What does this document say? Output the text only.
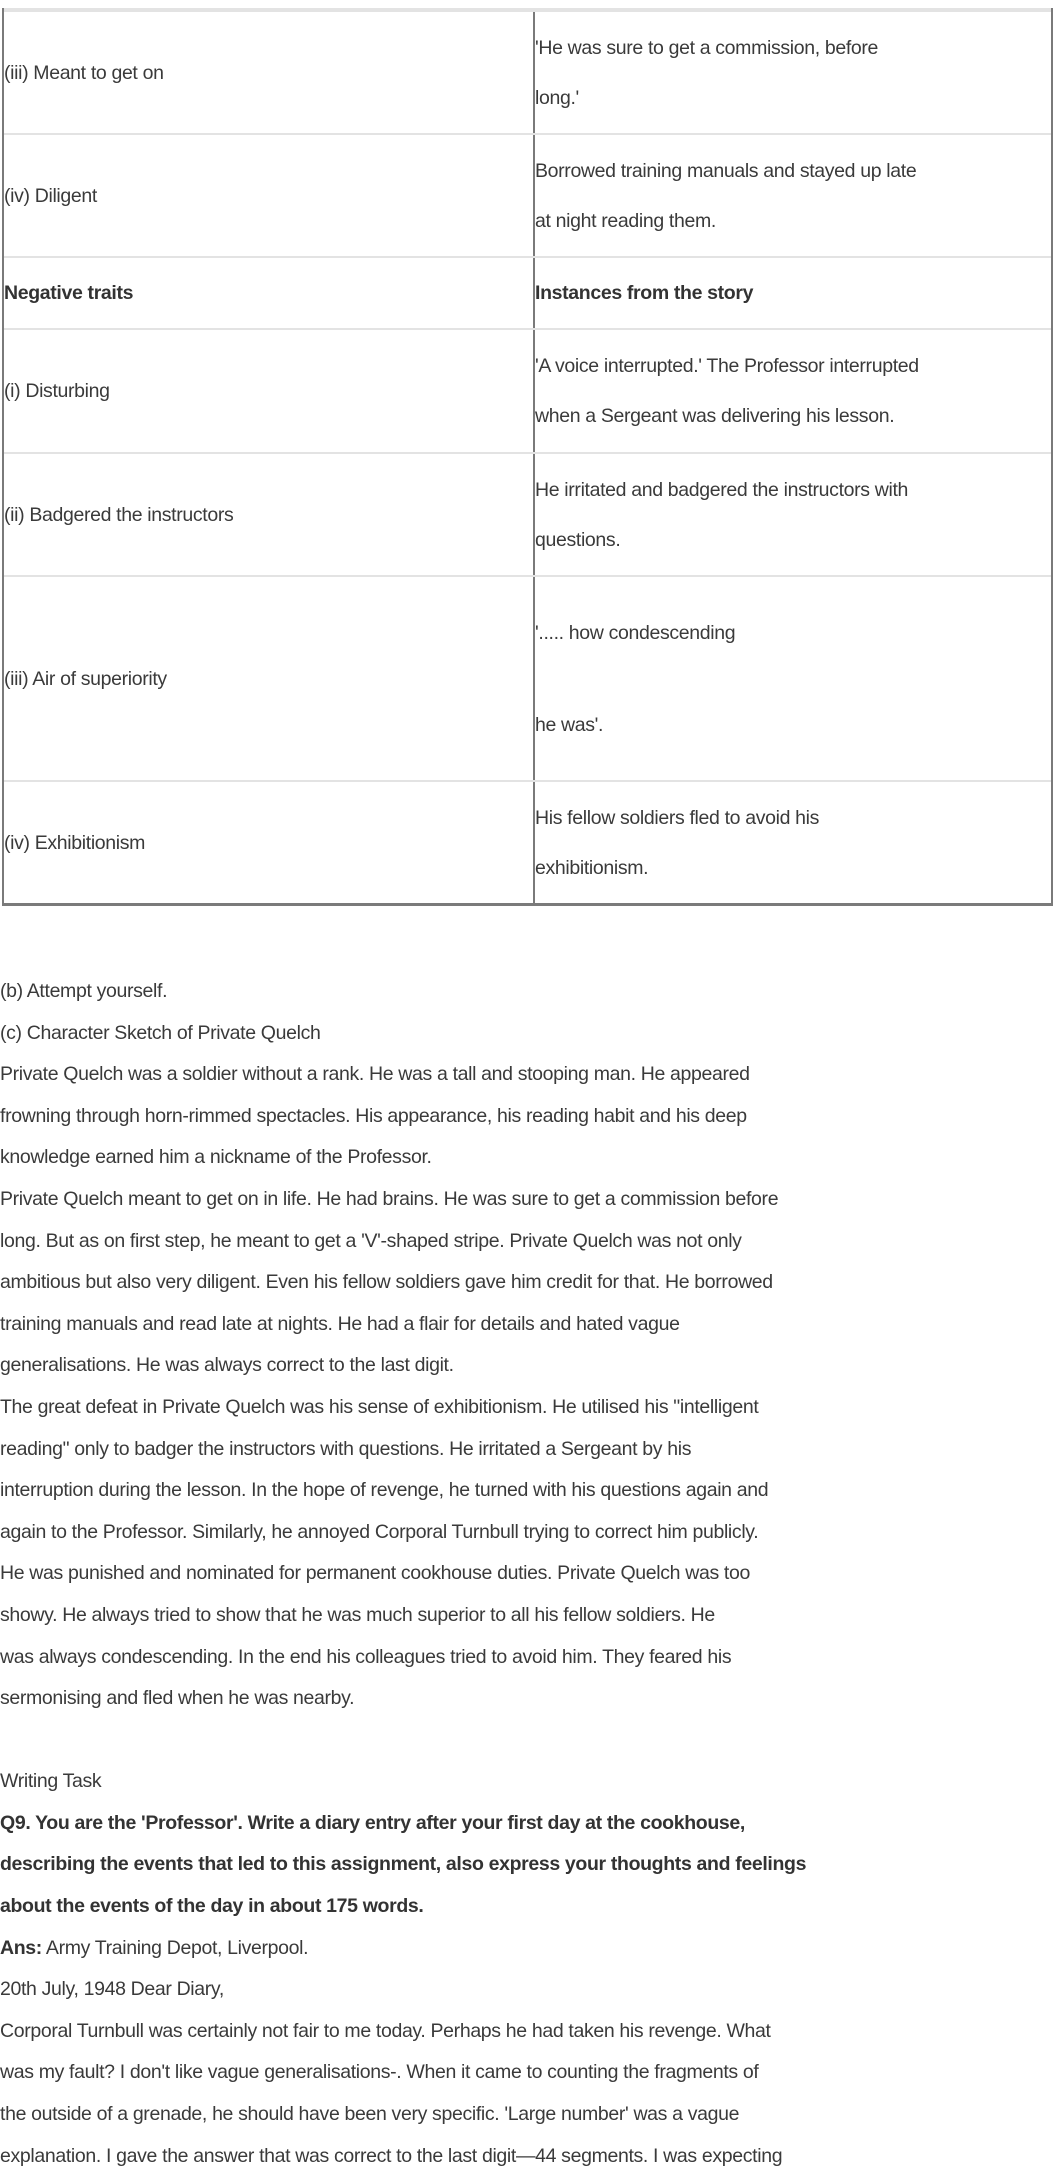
(iii) Meant to get on
'He was sure to get a commission, before
long.'
(iv) Diligent
Borrowed training manuals and stayed up late
at night reading them.
Negative traits	Instances from the story
(i) Disturbing
'A voice interrupted.' The Professor interrupted
when a Sergeant was delivering his lesson.
(ii) Badgered the instructors
He irritated and badgered the instructors with
questions.
(iii) Air of superiority
'..... how condescending
he was'.
(iv) Exhibitionism
His fellow soldiers fled to avoid his
exhibitionism.
(b) Attempt yourself.
(c) Character Sketch of Private Quelch
Private Quelch was a soldier without a rank. He was a tall and stooping man. He appeared
frowning through horn-rimmed spectacles. His appearance, his reading habit and his deep
knowledge earned him a nickname of the Professor.
Private Quelch meant to get on in life. He had brains. He was sure to get a commission before
long. But as on first step, he meant to get a 'V'-shaped stripe. Private Quelch was not only
ambitious but also very diligent. Even his fellow soldiers gave him credit for that. He borrowed
training manuals and read late at nights. He had a flair for details and hated vague
generalisations. He was always correct to the last digit.
The great defeat in Private Quelch was his sense of exhibitionism. He utilised his "intelligent
reading" only to badger the instructors with questions. He irritated a Sergeant by his
interruption during the lesson. In the hope of revenge, he turned with his questions again and
again to the Professor. Similarly, he annoyed Corporal Turnbull trying to correct him publicly.
He was punished and nominated for permanent cookhouse duties. Private Quelch was too
showy. He always tried to show that he was much superior to all his fellow soldiers. He
was always condescending. In the end his colleagues tried to avoid him. They feared his
sermonising and fled when he was nearby.
Writing Task
Q9. You are the 'Professor'. Write a diary entry after your first day at the cookhouse,
describing the events that led to this assignment, also express your thoughts and feelings
about the events of the day in about 175 words.
Ans: Army Training Depot, Liverpool.
20th July, 1948 Dear Diary,
Corporal Turnbull was certainly not fair to me today. Perhaps he had taken his revenge. What
was my fault? I don't like vague generalisations-. When it came to counting the fragments of
the outside of a grenade, he should have been very specific. 'Large number' was a vague
explanation. I gave the answer that was correct to the last digit—44 segments. I was expecting
